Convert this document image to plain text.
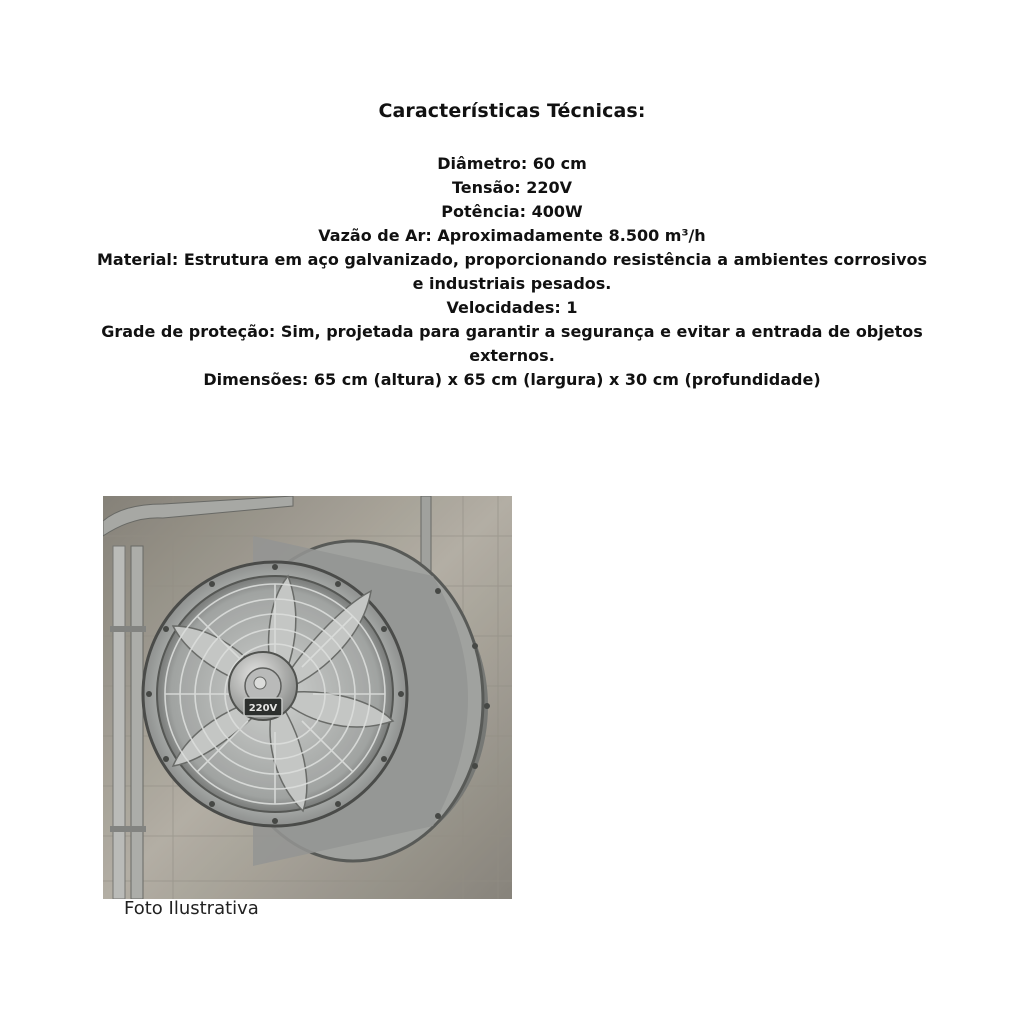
Características Técnicas:
Diâmetro: 60 cm
Tensão: 220V
Potência: 400W
Vazão de Ar: Aproximadamente 8.500 m³/h
Material: Estrutura em aço galvanizado, proporcionando resistência a ambientes corrosivos e industriais pesados.
Velocidades: 1
Grade de proteção: Sim, projetada para garantir a segurança e evitar a entrada de objetos externos.
Dimensões: 65 cm (altura) x 65 cm (largura) x 30 cm (profundidade)
220V
Foto Ilustrativa
